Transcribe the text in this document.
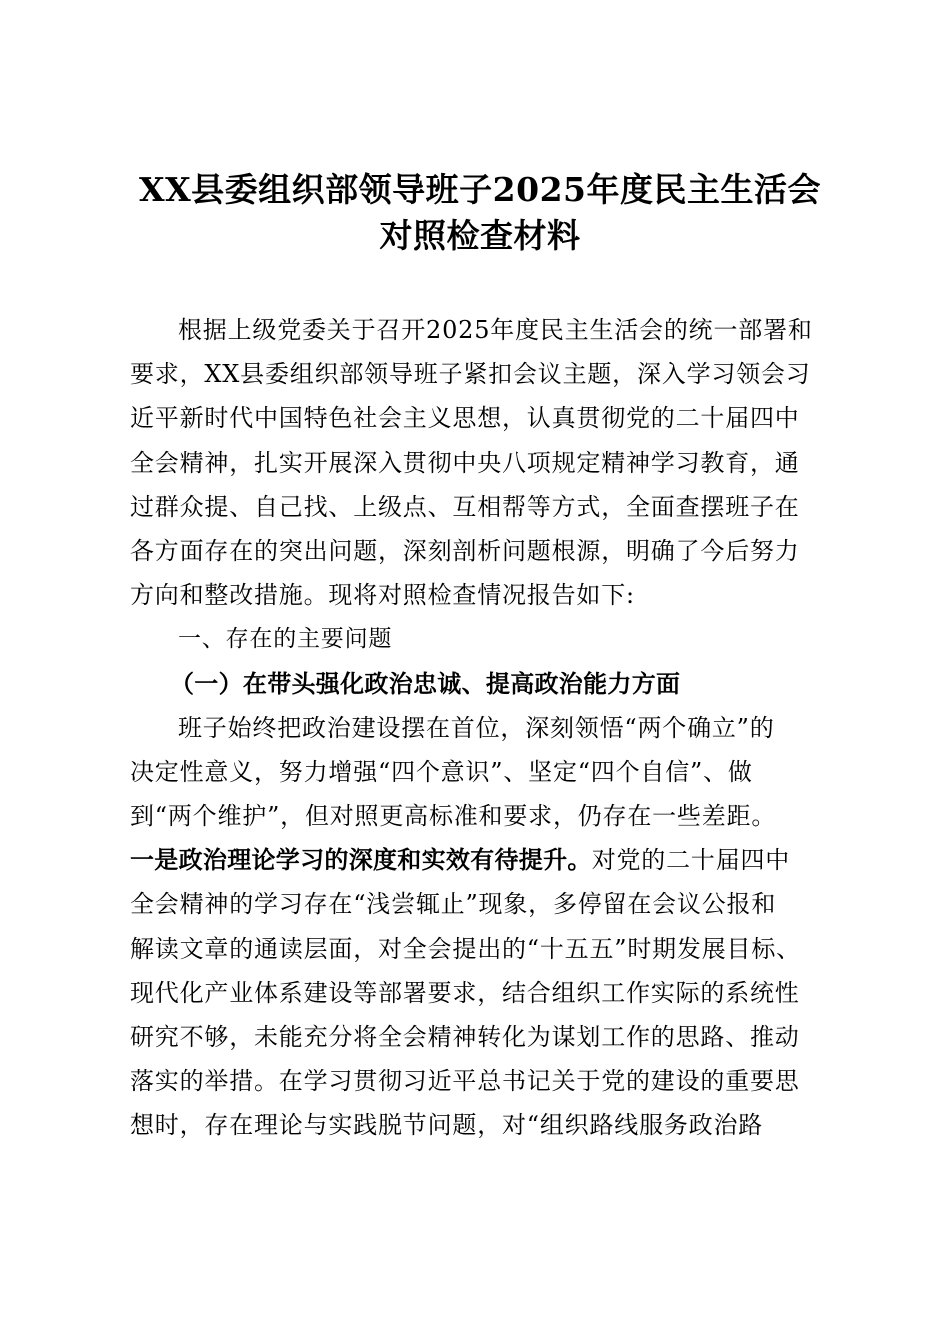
XX县委组织部领导班子2025年度民主生活会
对照检查材料
根据上级党委关于召开2025年度民主生活会的统一部署和
要求，XX县委组织部领导班子紧扣会议主题，深入学习领会习
近平新时代中国特色社会主义思想，认真贯彻党的二十届四中
全会精神，扎实开展深入贯彻中央八项规定精神学习教育，通
过群众提、自己找、上级点、互相帮等方式，全面查摆班子在
各方面存在的突出问题，深刻剖析问题根源，明确了今后努力
方向和整改措施。现将对照检查情况报告如下:
一、存在的主要问题
（一）在带头强化政治忠诚、提高政治能力方面
班子始终把政治建设摆在首位，深刻领悟“两个确立”的
决定性意义，努力增强“四个意识”、坚定“四个自信”、做
到“两个维护”，但对照更高标准和要求，仍存在一些差距。
一是政治理论学习的深度和实效有待提升。对党的二十届四中
全会精神的学习存在“浅尝辄止”现象，多停留在会议公报和
解读文章的通读层面，对全会提出的“十五五”时期发展目标、
现代化产业体系建设等部署要求，结合组织工作实际的系统性
研究不够，未能充分将全会精神转化为谋划工作的思路、推动
落实的举措。在学习贯彻习近平总书记关于党的建设的重要思
想时，存在理论与实践脱节问题，对“组织路线服务政治路
